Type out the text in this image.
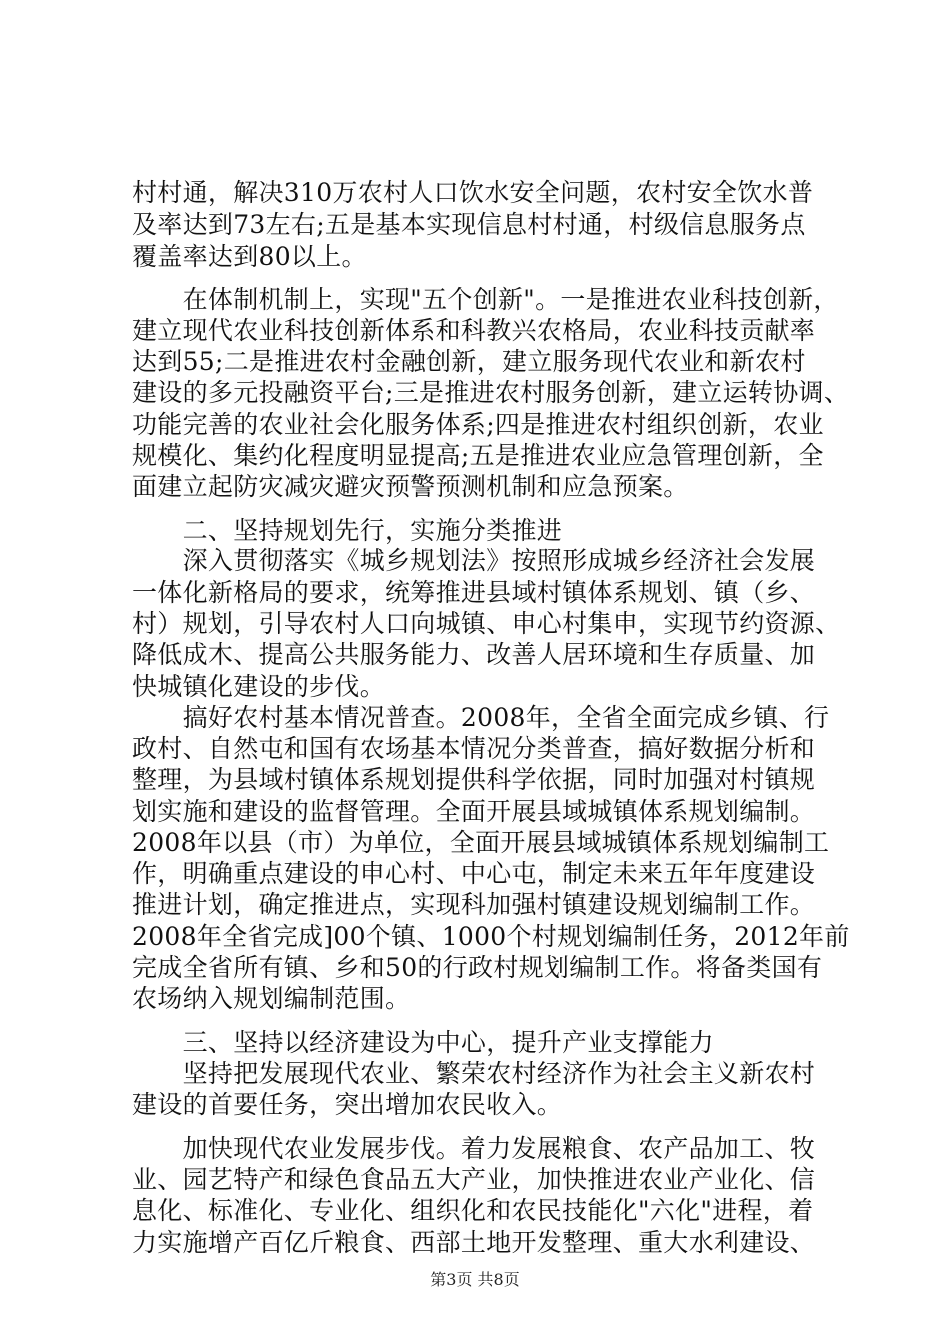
村村通，解决310万农村人口饮水安全问题，农村安全饮水普
及率达到73左右;五是基本实现信息村村通，村级信息服务点
覆盖率达到80以上。
　　在体制机制上，实现"五个创新"。一是推进农业科技创新，
建立现代农业科技创新体系和科教兴农格局，农业科技贡献率
达到55;二是推进农村金融创新，建立服务现代农业和新农村
建设的多元投融资平台;三是推进农村服务创新，建立运转协调、
功能完善的农业社会化服务体系;四是推进农村组织创新，农业
规模化、集约化程度明显提高;五是推进农业应急管理创新，全
面建立起防灾减灾避灾预警预测机制和应急预案。
　　二、坚持规划先行，实施分类推进
　　深入贯彻落实《城乡规划法》按照形成城乡经济社会发展
一体化新格局的要求，统筹推进县域村镇体系规划、镇（乡、
村）规划，引导农村人口向城镇、申心村集申，实现节约资源、
降低成木、提高公共服务能力、改善人居环境和生存质量、加
快城镇化建设的步伐。
　　搞好农村基本情况普查。2008年，全省全面完成乡镇、行
政村、自然屯和国有农场基本情况分类普查，搞好数据分析和
整理，为县域村镇体系规划提供科学依据，同时加强对村镇规
划实施和建设的监督管理。全面开展县域城镇体系规划编制。
2008年以县（市）为单位，全面开展县域城镇体系规划编制工
作，明确重点建设的申心村、中心屯，制定未来五年年度建设
推进计划，确定推进点，实现科加强村镇建设规划编制工作。
2008年全省完成]00个镇、1000个村规划编制任务，2012年前
完成全省所有镇、乡和50的行政村规划编制工作。将备类国有
农场纳入规划编制范围。
　　三、坚持以经济建设为中心，提升产业支撑能力
　　坚持把发展现代农业、繁荣农村经济作为社会主义新农村
建设的首要任务，突出增加农民收入。
　　加快现代农业发展步伐。着力发展粮食、农产品加工、牧
业、园艺特产和绿色食品五大产业，加快推进农业产业化、信
息化、标准化、专业化、组织化和农民技能化"六化"进程，着
力实施增产百亿斤粮食、西部土地开发整理、重大水利建设、
第3页 共8页
